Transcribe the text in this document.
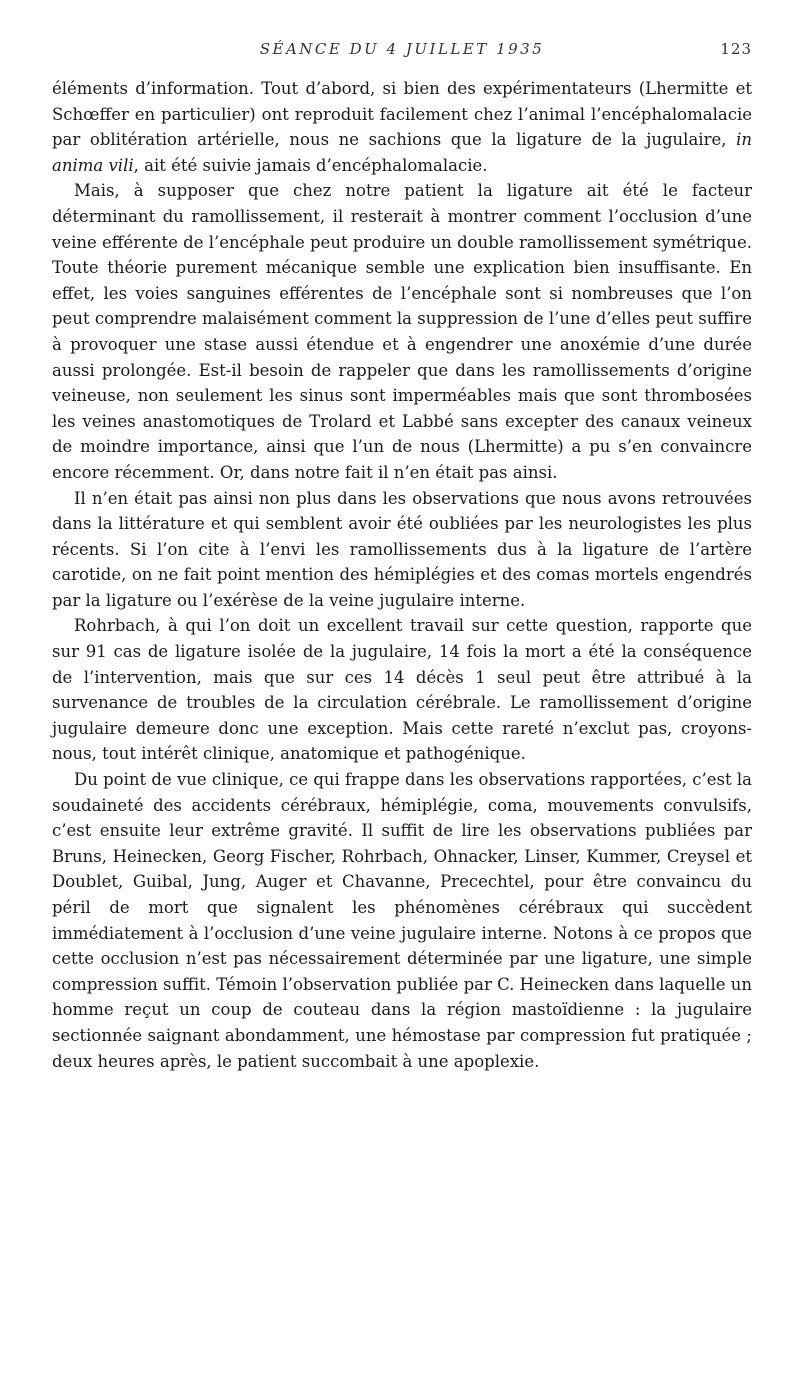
SÉANCE DU 4 JUILLET 1935	123

éléments d’information. Tout d’abord, si bien des expérimentateurs (Lhermitte et Schœffer en particulier) ont reproduit facilement chez l’animal l’encéphalomalacie par oblitération artérielle, nous ne sachions que la ligature de la jugulaire, in anima vili, ait été suivie jamais d’encéphalomalacie.

Mais, à supposer que chez notre patient la ligature ait été le facteur déterminant du ramollissement, il resterait à montrer comment l’occlusion d’une veine efférente de l’encéphale peut produire un double ramollissement symétrique. Toute théorie purement mécanique semble une explication bien insuffisante. En effet, les voies sanguines efférentes de l’encéphale sont si nombreuses que l’on peut comprendre malaisément comment la suppression de l’une d’elles peut suffire à provoquer une stase aussi étendue et à engendrer une anoxémie d’une durée aussi prolongée. Est-il besoin de rappeler que dans les ramollissements d’origine veineuse, non seulement les sinus sont imperméables mais que sont thrombosées les veines anastomotiques de Trolard et Labbé sans excepter des canaux veineux de moindre importance, ainsi que l’un de nous (Lhermitte) a pu s’en convaincre encore récemment. Or, dans notre fait il n’en était pas ainsi.

Il n’en était pas ainsi non plus dans les observations que nous avons retrouvées dans la littérature et qui semblent avoir été oubliées par les neurologistes les plus récents. Si l’on cite à l’envi les ramollissements dus à la ligature de l’artère carotide, on ne fait point mention des hémiplégies et des comas mortels engendrés par la ligature ou l’exérèse de la veine jugulaire interne.

Rohrbach, à qui l’on doit un excellent travail sur cette question, rapporte que sur 91 cas de ligature isolée de la jugulaire, 14 fois la mort a été la conséquence de l’intervention, mais que sur ces 14 décès 1 seul peut être attribué à la survenance de troubles de la circulation cérébrale. Le ramollissement d’origine jugulaire demeure donc une exception. Mais cette rareté n’exclut pas, croyons-nous, tout intérêt clinique, anatomique et pathogénique.

Du point de vue clinique, ce qui frappe dans les observations rapportées, c’est la soudaineté des accidents cérébraux, hémiplégie, coma, mouvements convulsifs, c’est ensuite leur extrême gravité. Il suffit de lire les observations publiées par Bruns, Heinecken, Georg Fischer, Rohrbach, Ohnacker, Linser, Kummer, Creysel et Doublet, Guibal, Jung, Auger et Chavanne, Precechtel, pour être convaincu du péril de mort que signalent les phénomènes cérébraux qui succèdent immédiatement à l’occlusion d’une veine jugulaire interne. Notons à ce propos que cette occlusion n’est pas nécessairement déterminée par une ligature, une simple compression suffit. Témoin l’observation publiée par C. Heinecken dans laquelle un homme reçut un coup de couteau dans la région mastoïdienne : la jugulaire sectionnée saignant abondamment, une hémostase par compression fut pratiquée ; deux heures après, le patient succombait à une apoplexie.
